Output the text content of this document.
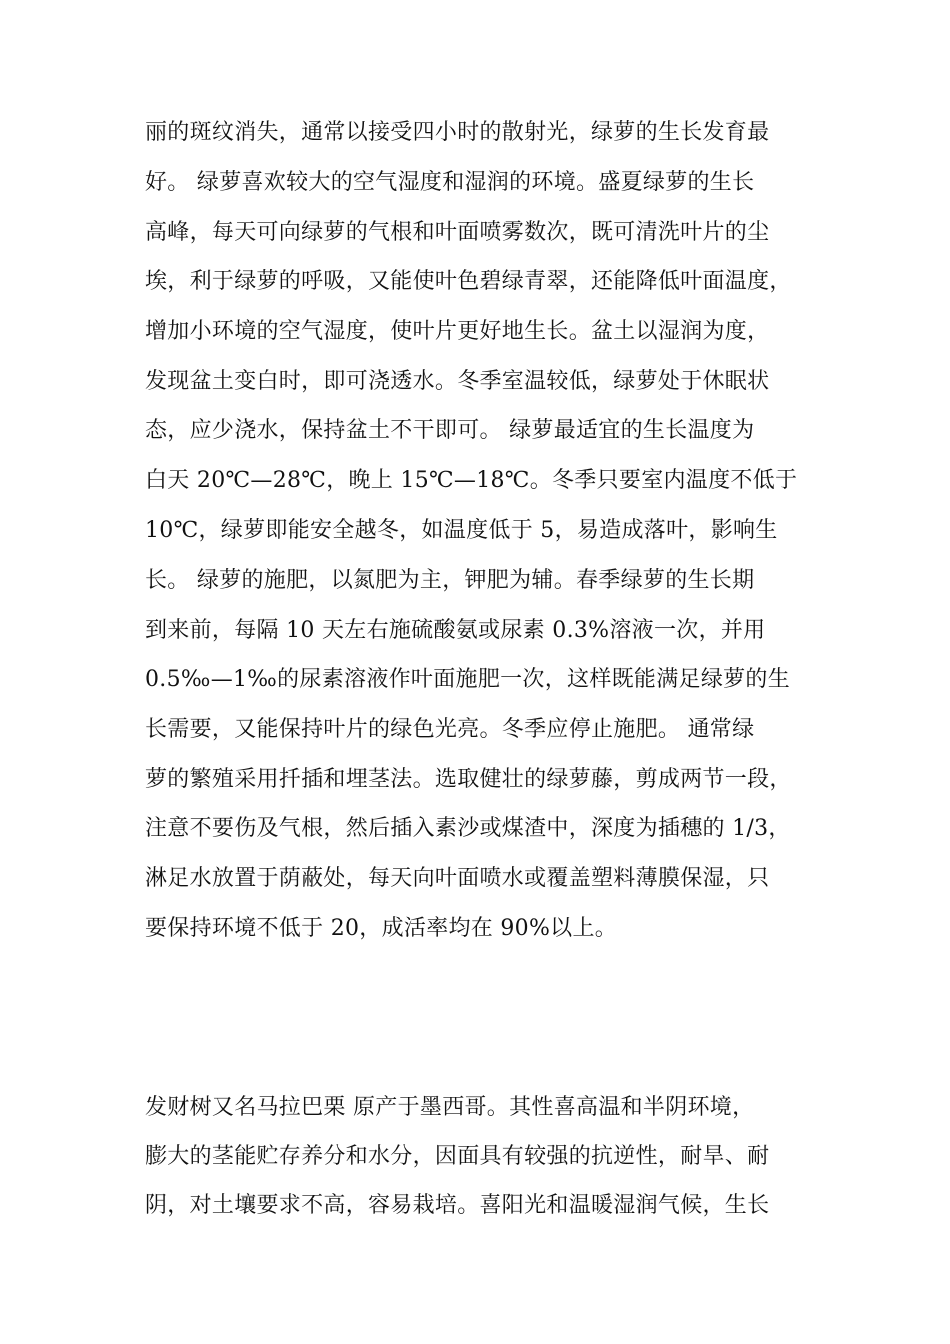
丽的斑纹消失，通常以接受四小时的散射光，绿萝的生长发育最
好。 绿萝喜欢较大的空气湿度和湿润的环境。盛夏绿萝的生长
高峰，每天可向绿萝的气根和叶面喷雾数次，既可清洗叶片的尘
埃，利于绿萝的呼吸，又能使叶色碧绿青翠，还能降低叶面温度，
增加小环境的空气湿度，使叶片更好地生长。盆土以湿润为度，
发现盆土变白时，即可浇透水。冬季室温较低，绿萝处于休眠状
态，应少浇水，保持盆土不干即可。 绿萝最适宜的生长温度为
白天 20℃—28℃，晚上 15℃—18℃。冬季只要室内温度不低于
10℃，绿萝即能安全越冬，如温度低于 5，易造成落叶，影响生
长。 绿萝的施肥，以氮肥为主，钾肥为辅。春季绿萝的生长期
到来前，每隔 10 天左右施硫酸氨或尿素 0.3%溶液一次，并用
0.5‰—1‰的尿素溶液作叶面施肥一次，这样既能满足绿萝的生
长需要，又能保持叶片的绿色光亮。冬季应停止施肥。 通常绿
萝的繁殖采用扦插和埋茎法。选取健壮的绿萝藤，剪成两节一段，
注意不要伤及气根，然后插入素沙或煤渣中，深度为插穗的 1/3，
淋足水放置于荫蔽处，每天向叶面喷水或覆盖塑料薄膜保湿，只
要保持环境不低于 20，成活率均在 90%以上。
发财树又名马拉巴栗 原产于墨西哥。其性喜高温和半阴环境，
膨大的茎能贮存养分和水分，因面具有较强的抗逆性，耐旱、耐
阴，对土壤要求不高，容易栽培。喜阳光和温暖湿润气候，生长
